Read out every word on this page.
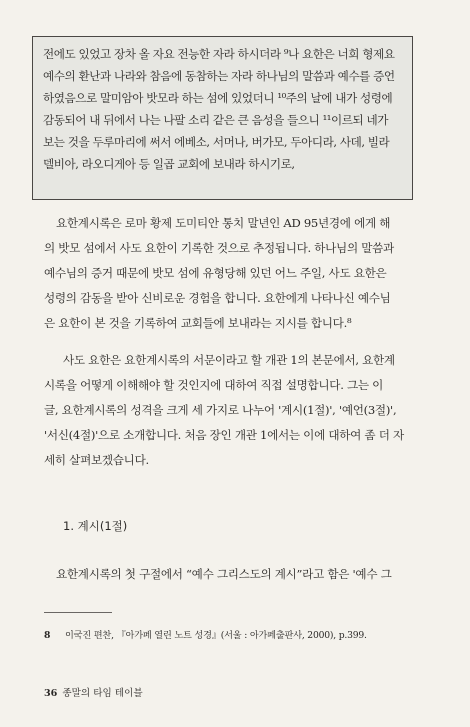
전에도 있었고 장차 올 자요 전능한 자라 하시더라 ⁹나 요한은 너희 형제요
예수의 환난과 나라와 참음에 동참하는 자라 하나님의 말씀과 예수를 증언
하였음으로 말미암아 밧모라 하는 섬에 있었더니 ¹⁰주의 날에 내가 성령에
감동되어 내 뒤에서 나는 나팔 소리 같은 큰 음성을 들으니 ¹¹이르되 네가
보는 것을 두루마리에 써서 에베소, 서머나, 버가모, 두아디라, 사데, 빌라
델비아, 라오디게아 등 일곱 교회에 보내라 하시기로,
요한계시록은 로마 황제 도미티안 통치 말년인 AD 95년경에 에게 해
의 밧모 섬에서 사도 요한이 기록한 것으로 추정됩니다. 하나님의 말씀과
예수님의 증거 때문에 밧모 섬에 유형당해 있던 어느 주일, 사도 요한은
성령의 감동을 받아 신비로운 경험을 합니다. 요한에게 나타나신 예수님
은 요한이 본 것을 기록하여 교회들에 보내라는 지시를 합니다.⁸
사도 요한은 요한계시록의 서문이라고 할 개관 1의 본문에서, 요한계
시록을 어떻게 이해해야 할 것인지에 대하여 직접 설명합니다. 그는 이
글, 요한계시록의 성격을 크게 세 가지로 나누어 '계시(1절)', '예언(3절)',
'서신(4절)'으로 소개합니다. 처음 장인 개관 1에서는 이에 대하여 좀 더 자
세히 살펴보겠습니다.
1. 계시(1절)
요한계시록의 첫 구절에서 “예수 그리스도의 계시”라고 함은 '예수 그
8 이국진 편찬, 『아가페 열린 노트 성경』(서울 : 아가페출판사, 2000), p.399.
36 종말의 타임 테이블
